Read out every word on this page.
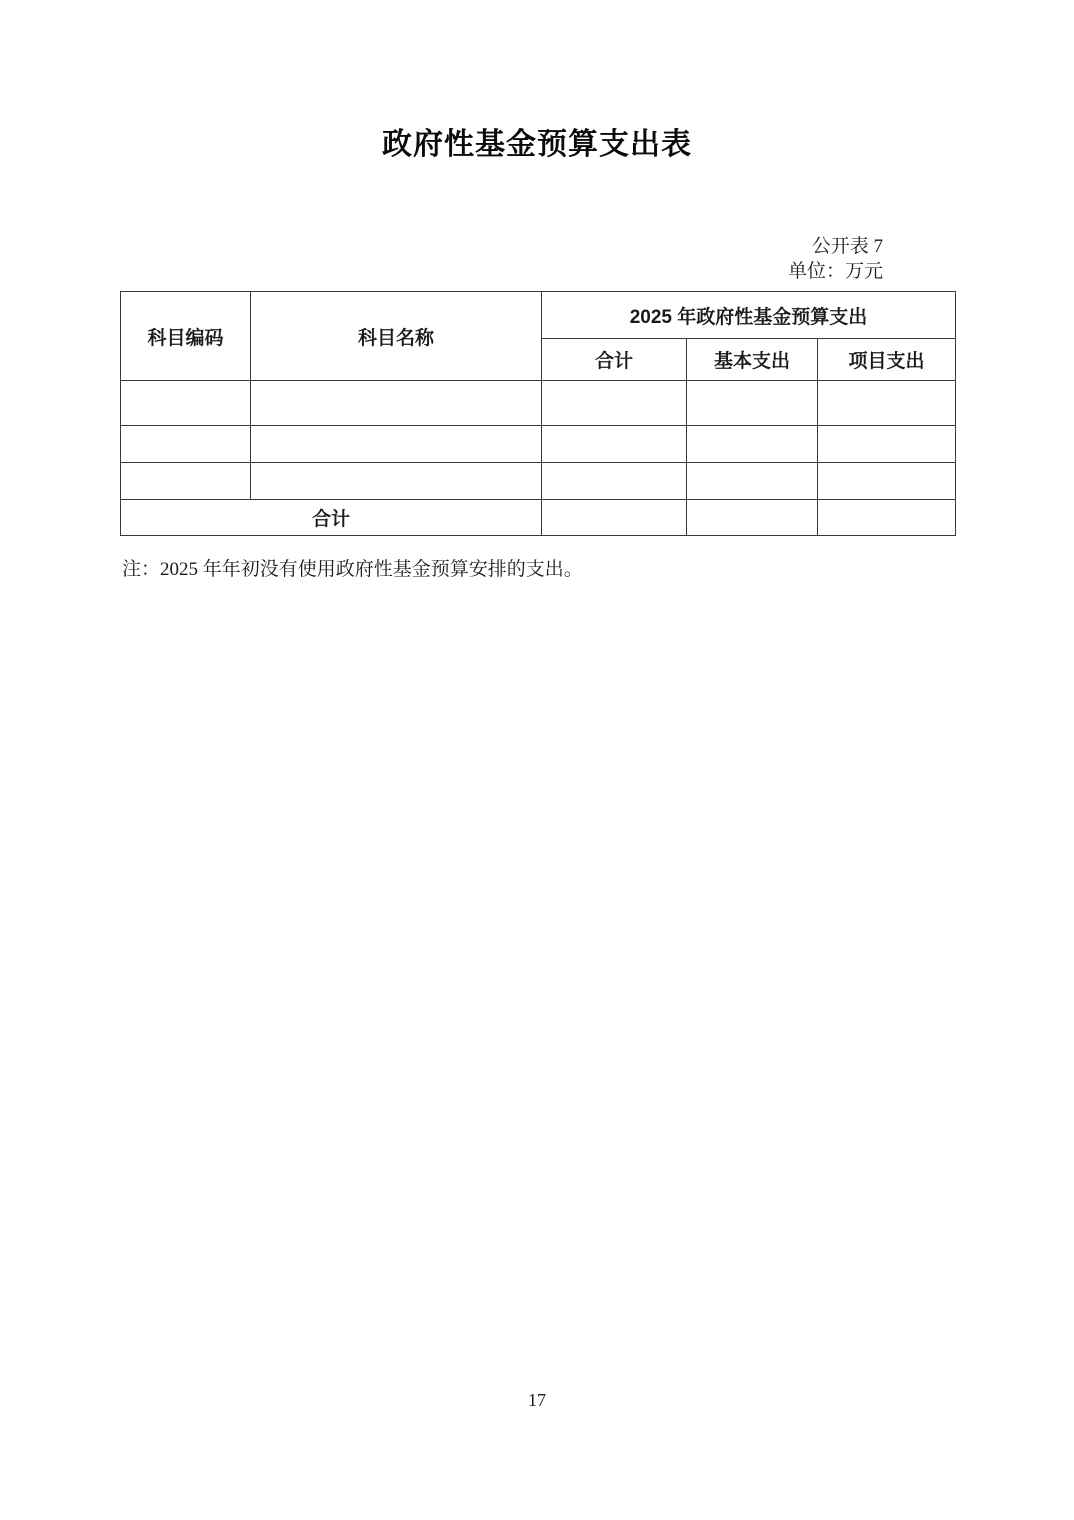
政府性基金预算支出表
公开表 7
单位：万元
科目编码	科目名称	2025 年政府性基金预算支出		
		合计	基本支出	项目支出

合计				

注：2025 年年初没有使用政府性基金预算安排的支出。

17
